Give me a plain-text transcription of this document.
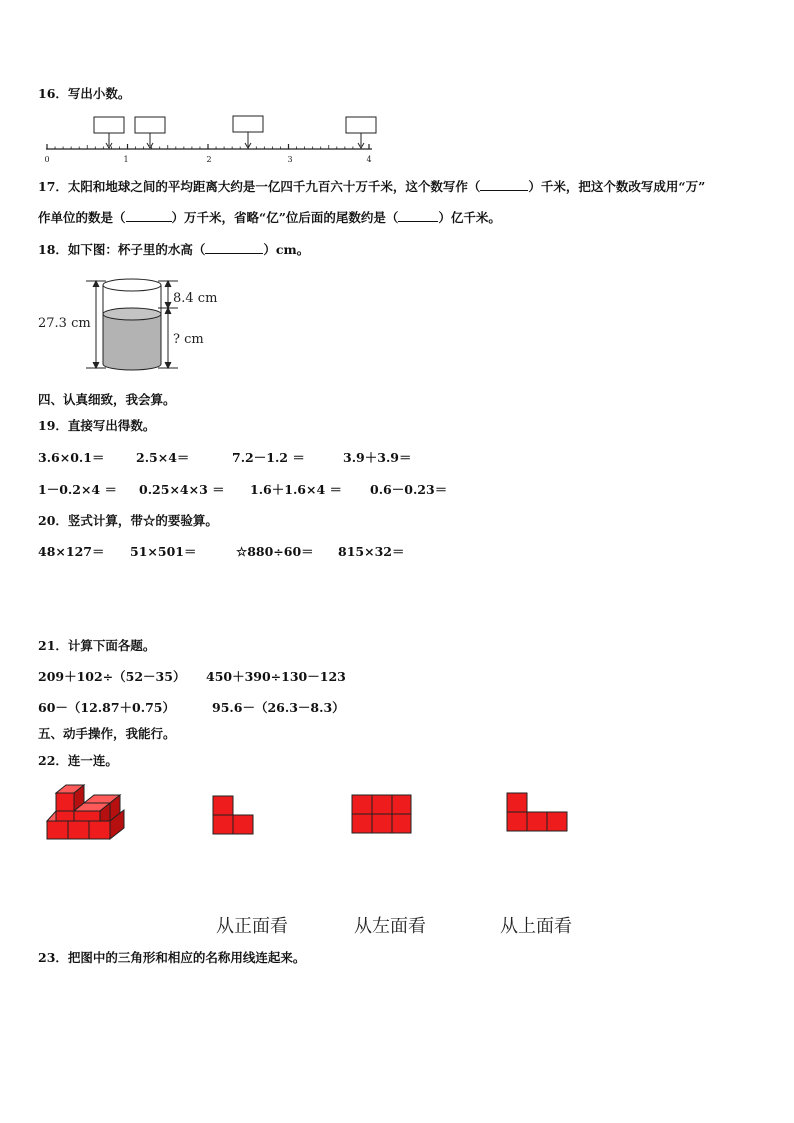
16．写出小数。
0	1	2	3	4
27.3 cm
8.4 cm
? cm
17．太阳和地球之间的平均距离大约是一亿四千九百六十万千米，这个数写作（	）千米，把这个数改写成用“万”
作单位的数是（	）万千米，省略“亿”位后面的尾数约是（	）亿千米。
18．如下图：杯子里的水高（	）cm。
四、认真细致，我会算。
19．直接写出得数。
3.6×0.1＝	2.5×4＝	7.2－1.2 ＝	3.9＋3.9＝
1－0.2×4 ＝ 0.25×4×3 ＝ 1.6＋1.6×4 ＝ 0.6－0.23＝
20．竖式计算，带☆的要验算。
48×127＝ 51×501＝	☆880÷60＝ 815×32＝
21．计算下面各题。
209＋102÷（52－35） 450＋390÷130－123
60－（12.87＋0.75）	95.6－（26.3－8.3）
五、动手操作，我能行。
22．连一连。
从正面看	从左面看	从上面看
23．把图中的三角形和相应的名称用线连起来。
